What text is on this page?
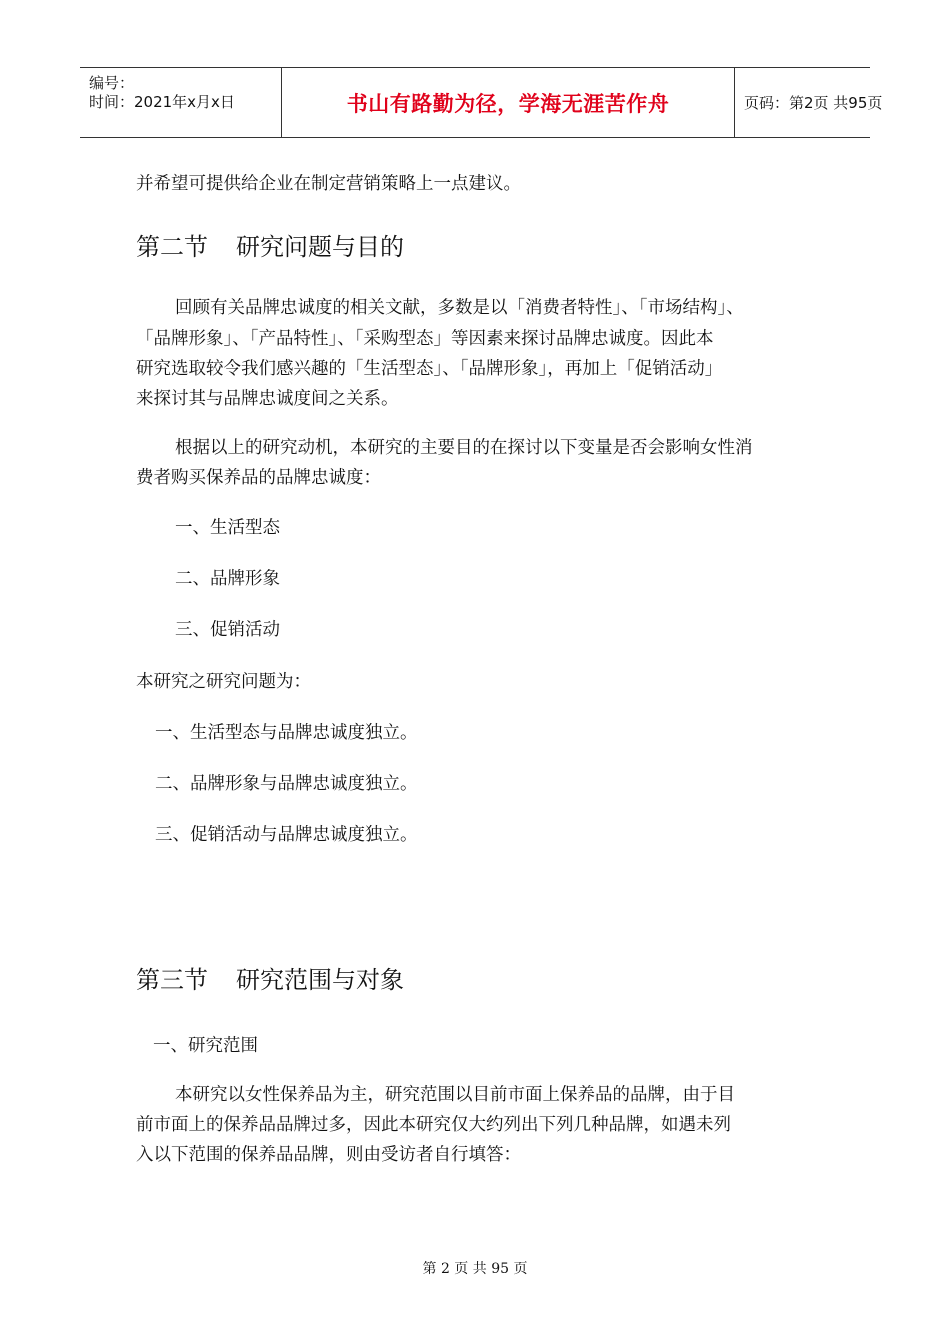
编号：
时间：2021年x月x日	书山有路勤为径，学海无涯苦作舟	页码：第2页 共95页
并希望可提供给企业在制定营销策略上一点建议。
第二节 研究问题与目的
回顾有关品牌忠诚度的相关文献，多数是以「消费者特性」、「市场结构」、
「品牌形象」、「产品特性」、「采购型态」等因素来探讨品牌忠诚度。因此本
研究选取较令我们感兴趣的「生活型态」、「品牌形象」，再加上「促销活动」
来探讨其与品牌忠诚度间之关系。
根据以上的研究动机，本研究的主要目的在探讨以下变量是否会影响女性消
费者购买保养品的品牌忠诚度：
一、生活型态
二、品牌形象
三、促销活动
本研究之研究问题为：
一、生活型态与品牌忠诚度独立。
二、品牌形象与品牌忠诚度独立。
三、促销活动与品牌忠诚度独立。
第三节 研究范围与对象
一、研究范围
本研究以女性保养品为主，研究范围以目前市面上保养品的品牌，由于目
前市面上的保养品品牌过多，因此本研究仅大约列出下列几种品牌，如遇未列
入以下范围的保养品品牌，则由受访者自行填答：
第 2 页 共 95 页
